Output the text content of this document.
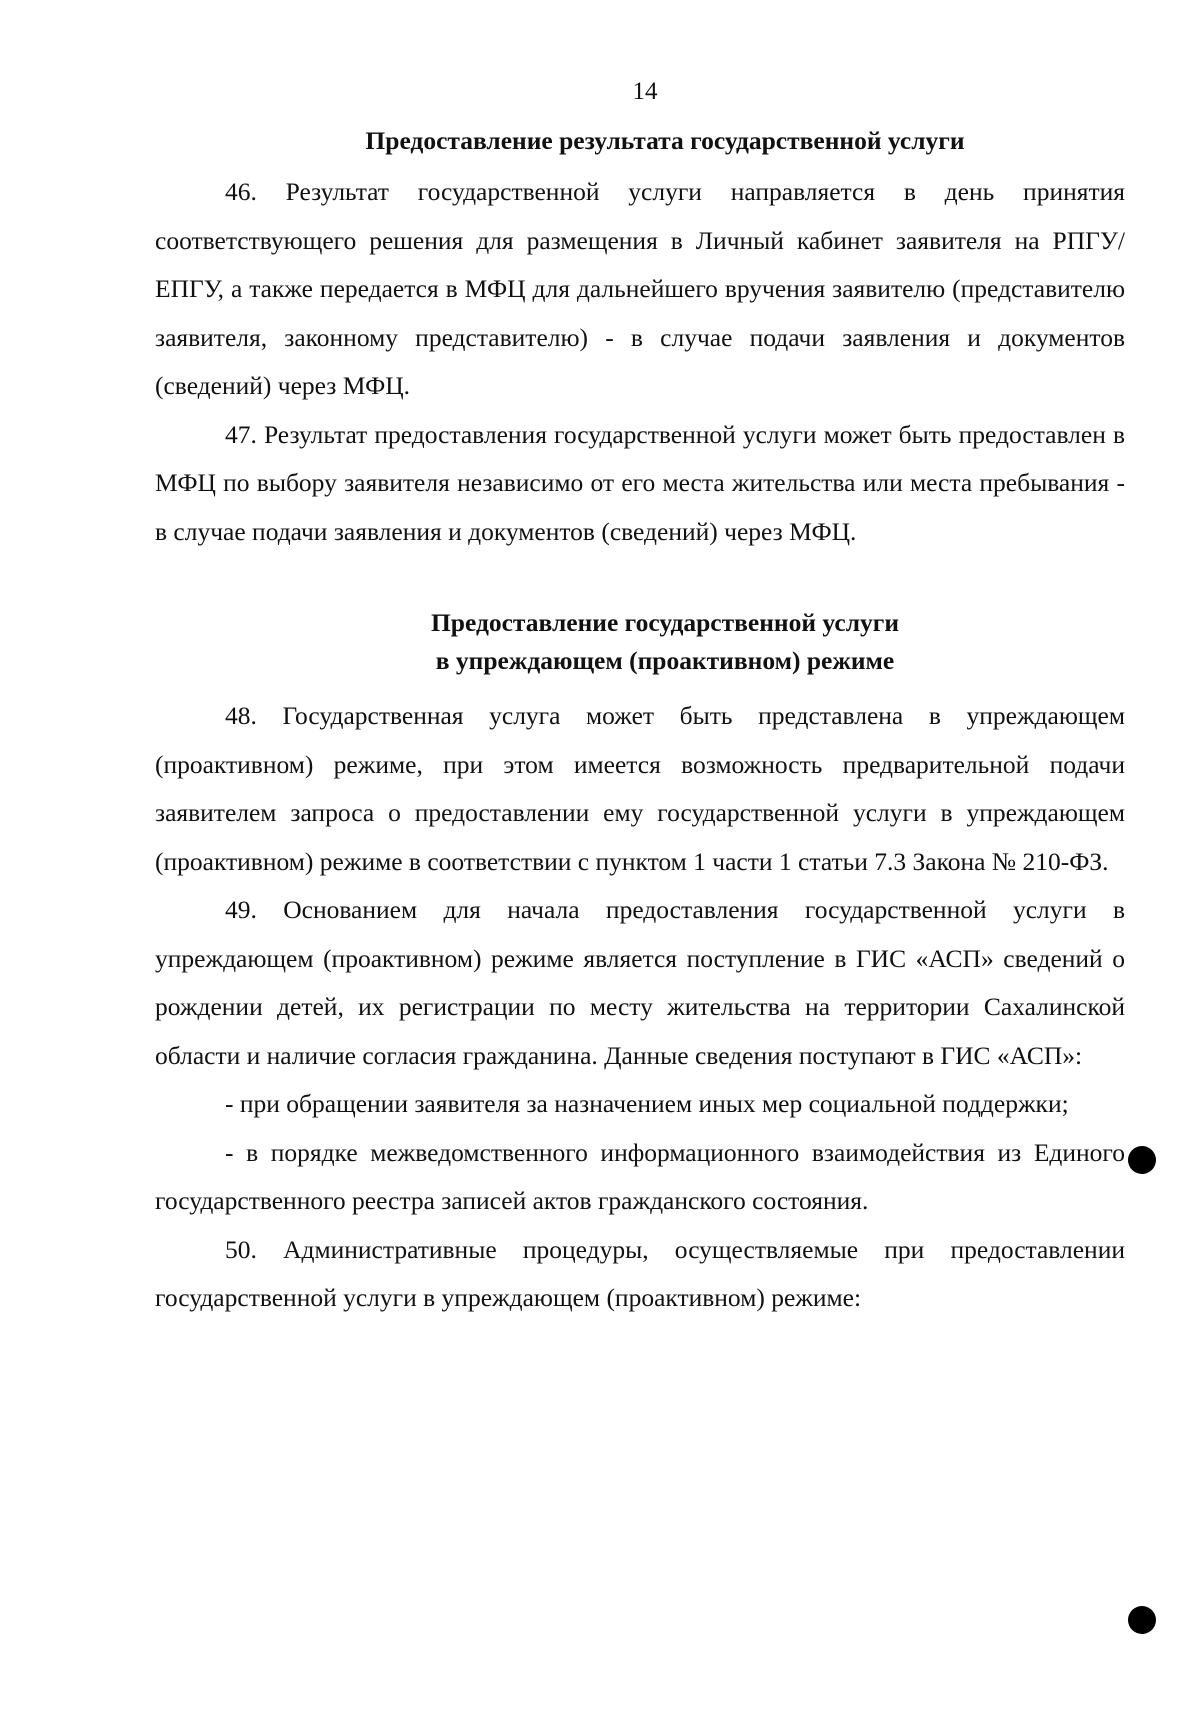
14
Предоставление результата государственной услуги

46. Результат государственной услуги направляется в день принятия соответствующего решения для размещения в Личный кабинет заявителя на РПГУ/ЕПГУ, а также передается в МФЦ для дальнейшего вручения заявителю (представителю заявителя, законному представителю) - в случае подачи заявления и документов (сведений) через МФЦ.

47. Результат предоставления государственной услуги может быть предоставлен в МФЦ по выбору заявителя независимо от его места жительства или места пребывания - в случае подачи заявления и документов (сведений) через МФЦ.

Предоставление государственной услуги
в упреждающем (проактивном) режиме

48. Государственная услуга может быть представлена в упреждающем (проактивном) режиме, при этом имеется возможность предварительной подачи заявителем запроса о предоставлении ему государственной услуги в упреждающем (проактивном) режиме в соответствии с пунктом 1 части 1 статьи 7.3 Закона № 210-ФЗ.

49. Основанием для начала предоставления государственной услуги в упреждающем (проактивном) режиме является поступление в ГИС «АСП» сведений о рождении детей, их регистрации по месту жительства на территории Сахалинской области и наличие согласия гражданина. Данные сведения поступают в ГИС «АСП»:

- при обращении заявителя за назначением иных мер социальной поддержки;

- в порядке межведомственного информационного взаимодействия из Единого государственного реестра записей актов гражданского состояния.

50. Административные процедуры, осуществляемые при предоставлении государственной услуги в упреждающем (проактивном) режиме:
